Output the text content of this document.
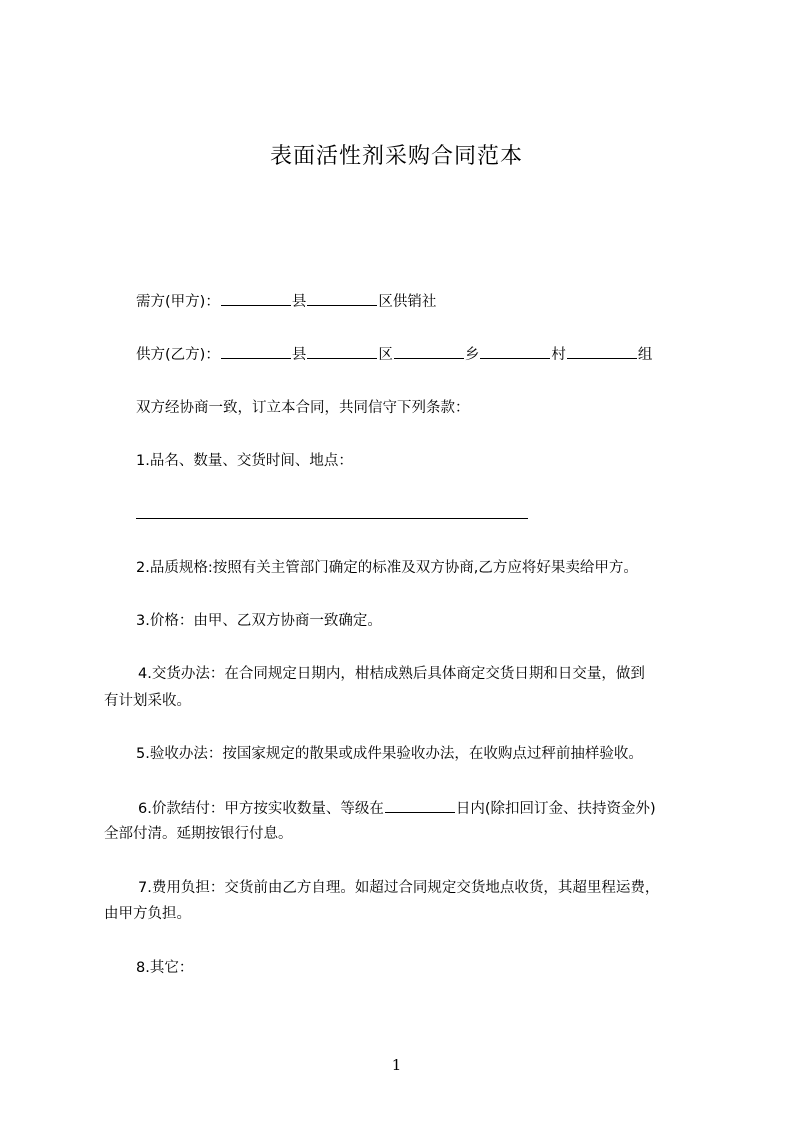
表面活性剂采购合同范本
需方(甲方)：	县	区供销社
供方(乙方)：	县	区	乡	村	组
双方经协商一致，订立本合同，共同信守下列条款：
1.品名、数量、交货时间、地点：
2.品质规格:按照有关主管部门确定的标准及双方协商,乙方应将好果卖给甲方。
3.价格：由甲、乙双方协商一致确定。
4.交货办法：在合同规定日期内，柑桔成熟后具体商定交货日期和日交量，做到
有计划采收。
5.验收办法：按国家规定的散果或成件果验收办法，在收购点过秤前抽样验收。
6.价款结付：甲方按实收数量、等级在	日内(除扣回订金、扶持资金外)
全部付清。延期按银行付息。
7.费用负担：交货前由乙方自理。如超过合同规定交货地点收货，其超里程运费，
由甲方负担。
8.其它：
1
